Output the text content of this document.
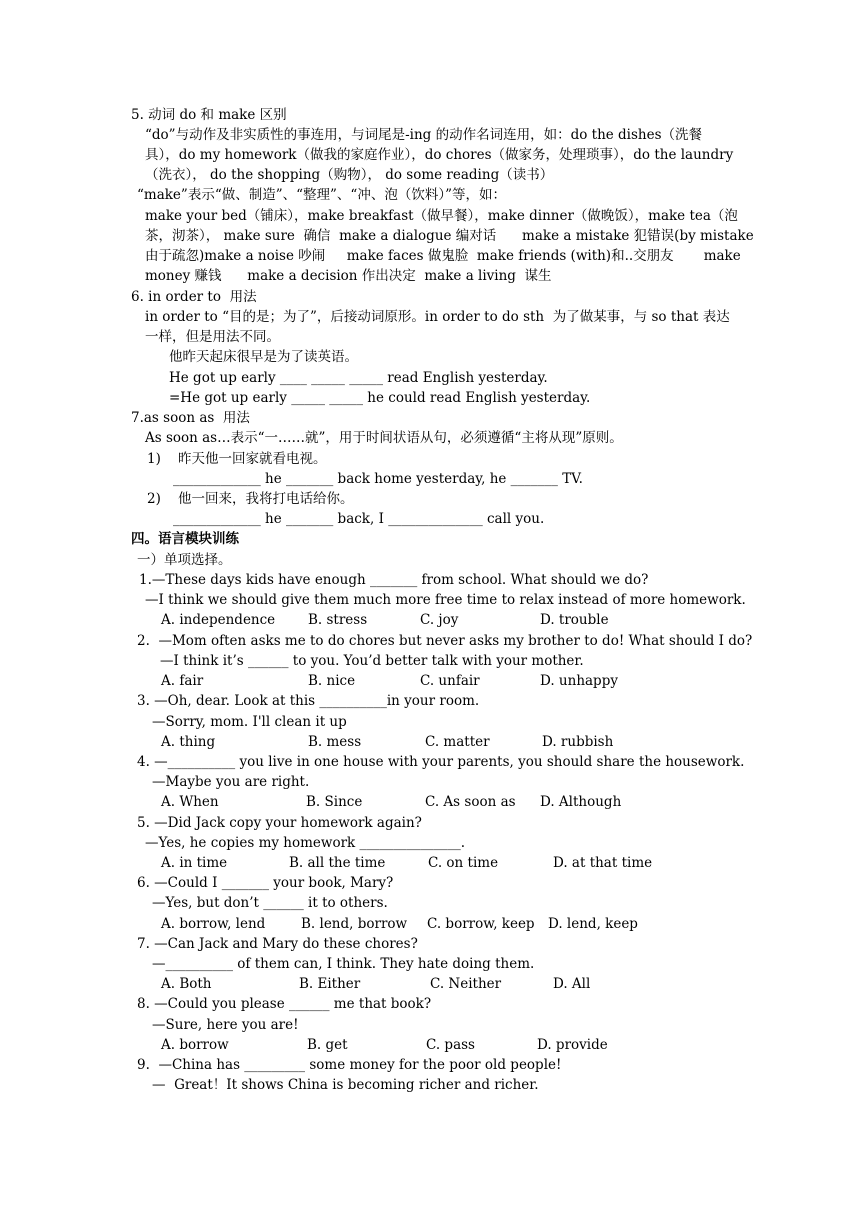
5. 动词 do 和 make 区别
“do”与动作及非实质性的事连用，与词尾是-ing 的动作名词连用，如：do the dishes（洗餐
具），do my homework（做我的家庭作业），do chores（做家务，处理琐事），do the laundry
（洗衣）， do the shopping（购物）， do some reading（读书）
“make”表示“做、制造”、“整理”、“冲、泡（饮料）”等，如：
make your bed（铺床），make breakfast（做早餐），make dinner（做晚饭），make tea（泡
茶，沏茶）， make sure  确信  make a dialogue 编对话      make a mistake 犯错误(by mistake
由于疏忽)make a noise 吵闹     make faces 做鬼脸  make friends (with)和..交朋友       make
money 赚钱      make a decision 作出决定  make a living  谋生
6. in order to  用法
in order to “目的是；为了”，后接动词原形。in order to do sth  为了做某事，与 so that 表达
一样，但是用法不同。
他昨天起床很早是为了读英语。
He got up early ____ _____ _____ read English yesterday.
=He got up early _____ _____ he could read English yesterday.
7.as soon as  用法
As soon as…表示“一……就”，用于时间状语从句，必须遵循“主将从现”原则。
1)    昨天他一回家就看电视。
_____________ he _______ back home yesterday, he _______ TV.
2)    他一回来，我将打电话给你。
_____________ he _______ back, I ______________ call you.
四。语言模块训练
一）单项选择。
1.—These days kids have enough _______ from school. What should we do?
—I think we should give them much more free time to relax instead of more homework.

A. independence

B. stress

	C. joy

	D. trouble

2.  —Mom often asks me to do chores but never asks my brother to do! What should I do?
—I think it’s ______ to you. You’d better talk with your mother.

A. fair

	B. nice

	C. unfair

	D. unhappy

3. —Oh, dear. Look at this __________in your room.
—Sorry, mom. I'll clean it up

A. thing

	B. mess

	C. matter

	D. rubbish

4. —__________ you live in one house with your parents, you should share the housework.
—Maybe you are right.

A. When

	B. Since

	C. As soon as

D. Although

5. —Did Jack copy your homework again?
—Yes, he copies my homework _______________.

A. in time

	B. all the time

	C. on time

	D. at that time

6. —Could I _______ your book, Mary?
—Yes, but don’t ______ it to others.

A. borrow, lend

	B. lend, borrow

C. borrow, keep

D. lend, keep

7. —Can Jack and Mary do these chores?
—__________ of them can, I think. They hate doing them.

A. Both

	B. Either

	C. Neither

	D. All

8. —Could you please ______ me that book?
—Sure, here you are!

A. borrow

	B. get

	C. pass

	D. provide

9.  —China has _________ some money for the poor old people!
—  Great！It shows China is becoming richer and richer.
